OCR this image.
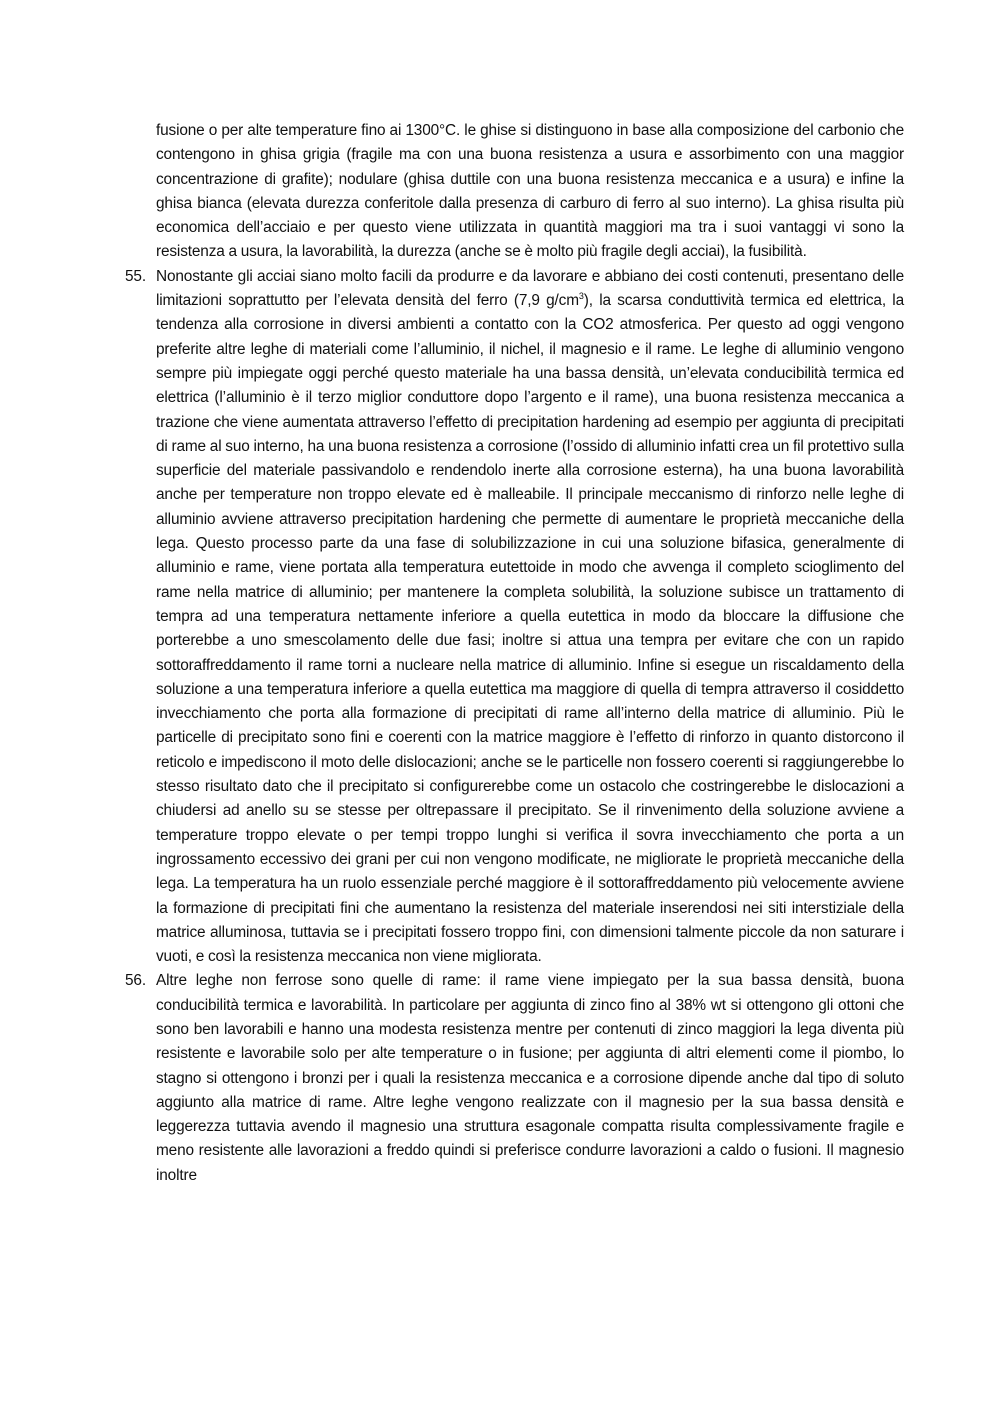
fusione o per alte temperature fino ai 1300°C. le ghise si distinguono in base alla composizione del carbonio che contengono in ghisa grigia (fragile ma con una buona resistenza a usura e assorbimento con una maggior concentrazione di grafite); nodulare (ghisa duttile con una buona resistenza meccanica e a usura) e infine la ghisa bianca (elevata durezza conferitole dalla presenza di carburo di ferro al suo interno). La ghisa risulta più economica dell’acciaio e per questo viene utilizzata in quantità maggiori ma tra i suoi vantaggi vi sono la resistenza a usura, la lavorabilità, la durezza (anche se è molto più fragile degli acciai), la fusibilità.

55. Nonostante gli acciai siano molto facili da produrre e da lavorare e abbiano dei costi contenuti, presentano delle limitazioni soprattutto per l’elevata densità del ferro (7,9 $g/cm^3$), la scarsa conduttività termica ed elettrica, la tendenza alla corrosione in diversi ambienti a contatto con la CO2 atmosferica. Per questo ad oggi vengono preferite altre leghe di materiali come l’alluminio, il nichel, il magnesio e il rame. Le leghe di alluminio vengono sempre più impiegate oggi perché questo materiale ha una bassa densità, un’elevata conducibilità termica ed elettrica (l’alluminio è il terzo miglior conduttore dopo l’argento e il rame), una buona resistenza meccanica a trazione che viene aumentata attraverso l’effetto di precipitation hardening ad esempio per aggiunta di precipitati di rame al suo interno, ha una buona resistenza a corrosione (l’ossido di alluminio infatti crea un fil protettivo sulla superficie del materiale passivandolo e rendendolo inerte alla corrosione esterna), ha una buona lavorabilità anche per temperature non troppo elevate ed è malleabile. Il principale meccanismo di rinforzo nelle leghe di alluminio avviene attraverso precipitation hardening che permette di aumentare le proprietà meccaniche della lega. Questo processo parte da una fase di solubilizzazione in cui una soluzione bifasica, generalmente di alluminio e rame, viene portata alla temperatura eutettoide in modo che avvenga il completo scioglimento del rame nella matrice di alluminio; per mantenere la completa solubilità, la soluzione subisce un trattamento di tempra ad una temperatura nettamente inferiore a quella eutettica in modo da bloccare la diffusione che porterebbe a uno smescolamento delle due fasi; inoltre si attua una tempra per evitare che con un rapido sottoraffreddamento il rame torni a nucleare nella matrice di alluminio. Infine si esegue un riscaldamento della soluzione a una temperatura inferiore a quella eutettica ma maggiore di quella di tempra attraverso il cosiddetto invecchiamento che porta alla formazione di precipitati di rame all’interno della matrice di alluminio. Più le particelle di precipitato sono fini e coerenti con la matrice maggiore è l’effetto di rinforzo in quanto distorcono il reticolo e impediscono il moto delle dislocazioni; anche se le particelle non fossero coerenti si raggiungerebbe lo stesso risultato dato che il precipitato si configurerebbe come un ostacolo che costringerebbe le dislocazioni a chiudersi ad anello su se stesse per oltrepassare il precipitato. Se il rinvenimento della soluzione avviene a temperature troppo elevate o per tempi troppo lunghi si verifica il sovra invecchiamento che porta a un ingrossamento eccessivo dei grani per cui non vengono modificate, ne migliorate le proprietà meccaniche della lega. La temperatura ha un ruolo essenziale perché maggiore è il sottoraffreddamento più velocemente avviene la formazione di precipitati fini che aumentano la resistenza del materiale inserendosi nei siti interstiziale della matrice alluminosa, tuttavia se i precipitati fossero troppo fini, con dimensioni talmente piccole da non saturare i vuoti, e così la resistenza meccanica non viene migliorata.

56. Altre leghe non ferrose sono quelle di rame: il rame viene impiegato per la sua bassa densità, buona conducibilità termica e lavorabilità. In particolare per aggiunta di zinco fino al 38% wt si ottengono gli ottoni che sono ben lavorabili e hanno una modesta resistenza mentre per contenuti di zinco maggiori la lega diventa più resistente e lavorabile solo per alte temperature o in fusione; per aggiunta di altri elementi come il piombo, lo stagno si ottengono i bronzi per i quali la resistenza meccanica e a corrosione dipende anche dal tipo di soluto aggiunto alla matrice di rame. Altre leghe vengono realizzate con il magnesio per la sua bassa densità e leggerezza tuttavia avendo il magnesio una struttura esagonale compatta risulta complessivamente fragile e meno resistente alle lavorazioni a freddo quindi si preferisce condurre lavorazioni a caldo o fusioni. Il magnesio inoltre
